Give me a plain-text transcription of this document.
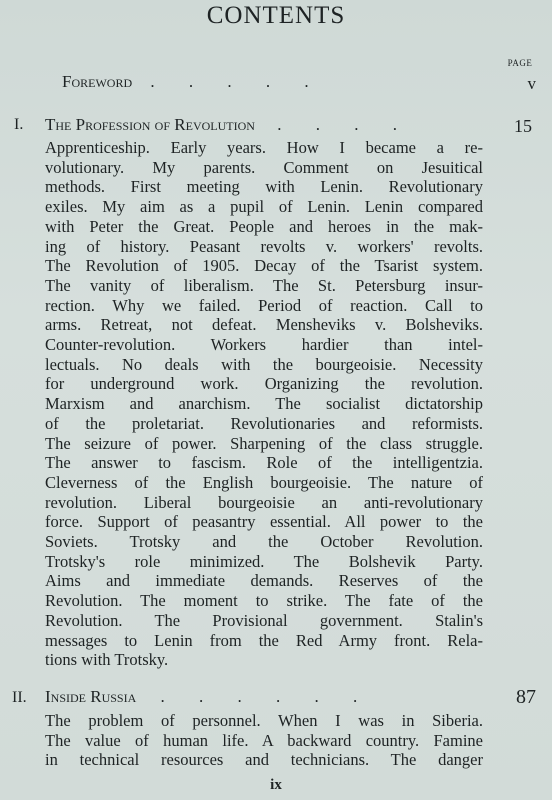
CONTENTS
PAGE
Foreword . . . . .	v
I. The Profession of Revolution . . . .	15
Apprenticeship. Early years. How I became a re-
volutionary. My parents. Comment on Jesuitical
methods. First meeting with Lenin. Revolutionary
exiles. My aim as a pupil of Lenin. Lenin compared
with Peter the Great. People and heroes in the mak-
ing of history. Peasant revolts v. workers' revolts.
The Revolution of 1905. Decay of the Tsarist system.
The vanity of liberalism. The St. Petersburg insur-
rection. Why we failed. Period of reaction. Call to
arms. Retreat, not defeat. Mensheviks v. Bolsheviks.
Counter-revolution. Workers hardier than intel-
lectuals. No deals with the bourgeoisie. Necessity
for underground work. Organizing the revolution.
Marxism and anarchism. The socialist dictatorship
of the proletariat. Revolutionaries and reformists.
The seizure of power. Sharpening of the class struggle.
The answer to fascism. Role of the intelligentzia.
Cleverness of the English bourgeoisie. The nature of
revolution. Liberal bourgeoisie an anti-revolutionary
force. Support of peasantry essential. All power to the
Soviets. Trotsky and the October Revolution.
Trotsky's role minimized. The Bolshevik Party.
Aims and immediate demands. Reserves of the
Revolution. The moment to strike. The fate of the
Revolution. The Provisional government. Stalin's
messages to Lenin from the Red Army front. Rela-
tions with Trotsky.
II. Inside Russia . . . . . .	87
The problem of personnel. When I was in Siberia.
The value of human life. A backward country. Famine
in technical resources and technicians. The danger
ix
